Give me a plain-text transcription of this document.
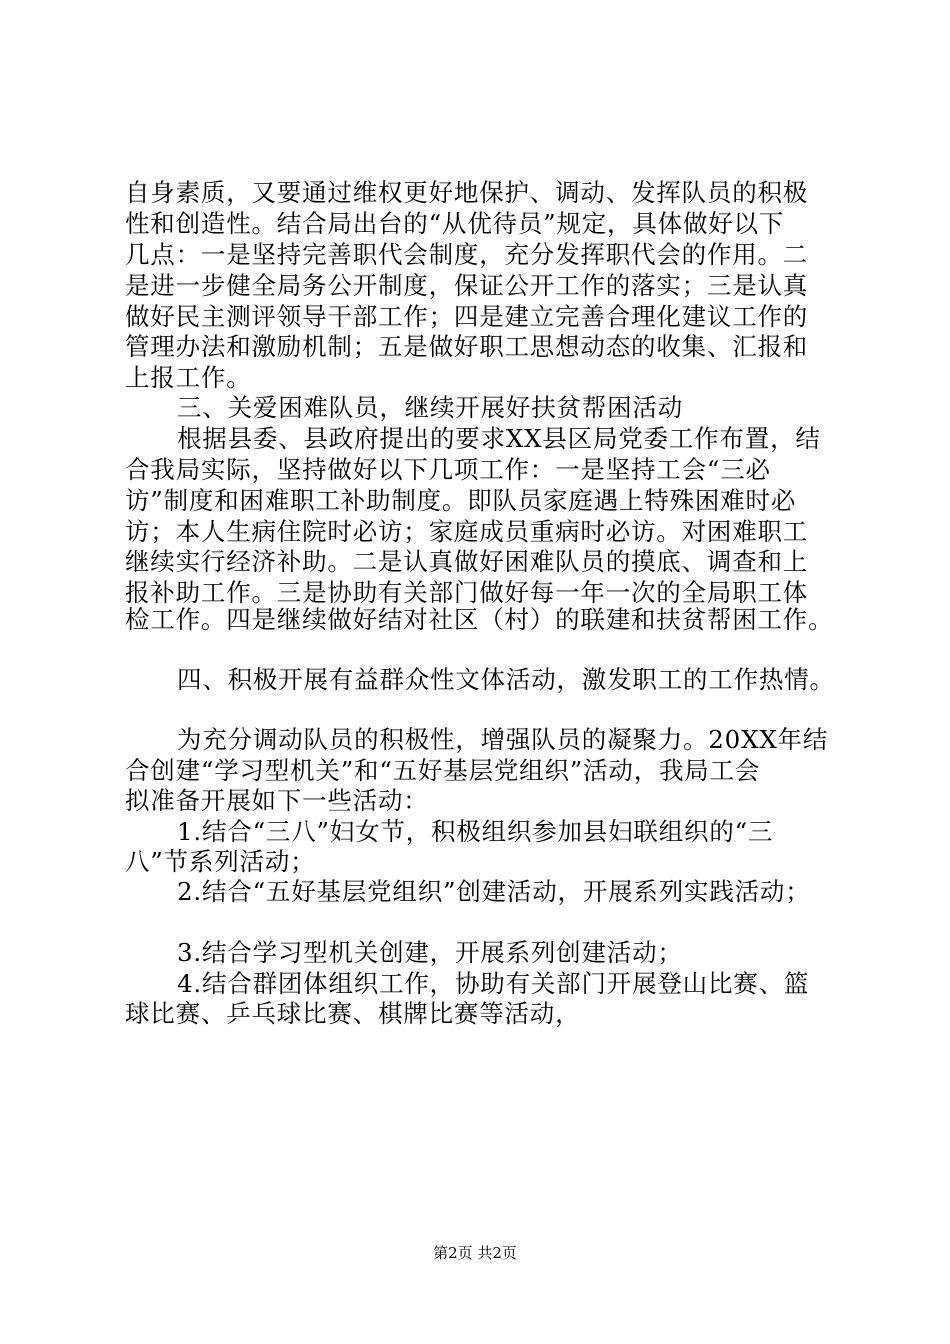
自身素质，又要通过维权更好地保护、调动、发挥队员的积极
性和创造性。结合局出台的“从优待员”规定，具体做好以下
几点：一是坚持完善职代会制度，充分发挥职代会的作用。二
是进一步健全局务公开制度，保证公开工作的落实；三是认真
做好民主测评领导干部工作；四是建立完善合理化建议工作的
管理办法和激励机制；五是做好职工思想动态的收集、汇报和
上报工作。
三、关爱困难队员，继续开展好扶贫帮困活动
根据县委、县政府提出的要求XX县区局党委工作布置，结
合我局实际，坚持做好以下几项工作：一是坚持工会“三必
访”制度和困难职工补助制度。即队员家庭遇上特殊困难时必
访；本人生病住院时必访；家庭成员重病时必访。对困难职工
继续实行经济补助。二是认真做好困难队员的摸底、调查和上
报补助工作。三是协助有关部门做好每一年一次的全局职工体
检工作。四是继续做好结对社区（村）的联建和扶贫帮困工作。
四、积极开展有益群众性文体活动，激发职工的工作热情。
为充分调动队员的积极性，增强队员的凝聚力。20XX年结
合创建“学习型机关”和“五好基层党组织”活动，我局工会
拟准备开展如下一些活动：
1.结合“三八”妇女节，积极组织参加县妇联组织的“三
八”节系列活动；
2.结合“五好基层党组织”创建活动，开展系列实践活动；
3.结合学习型机关创建，开展系列创建活动；
4.结合群团体组织工作，协助有关部门开展登山比赛、篮
球比赛、乒乓球比赛、棋牌比赛等活动，
第2页 共2页
